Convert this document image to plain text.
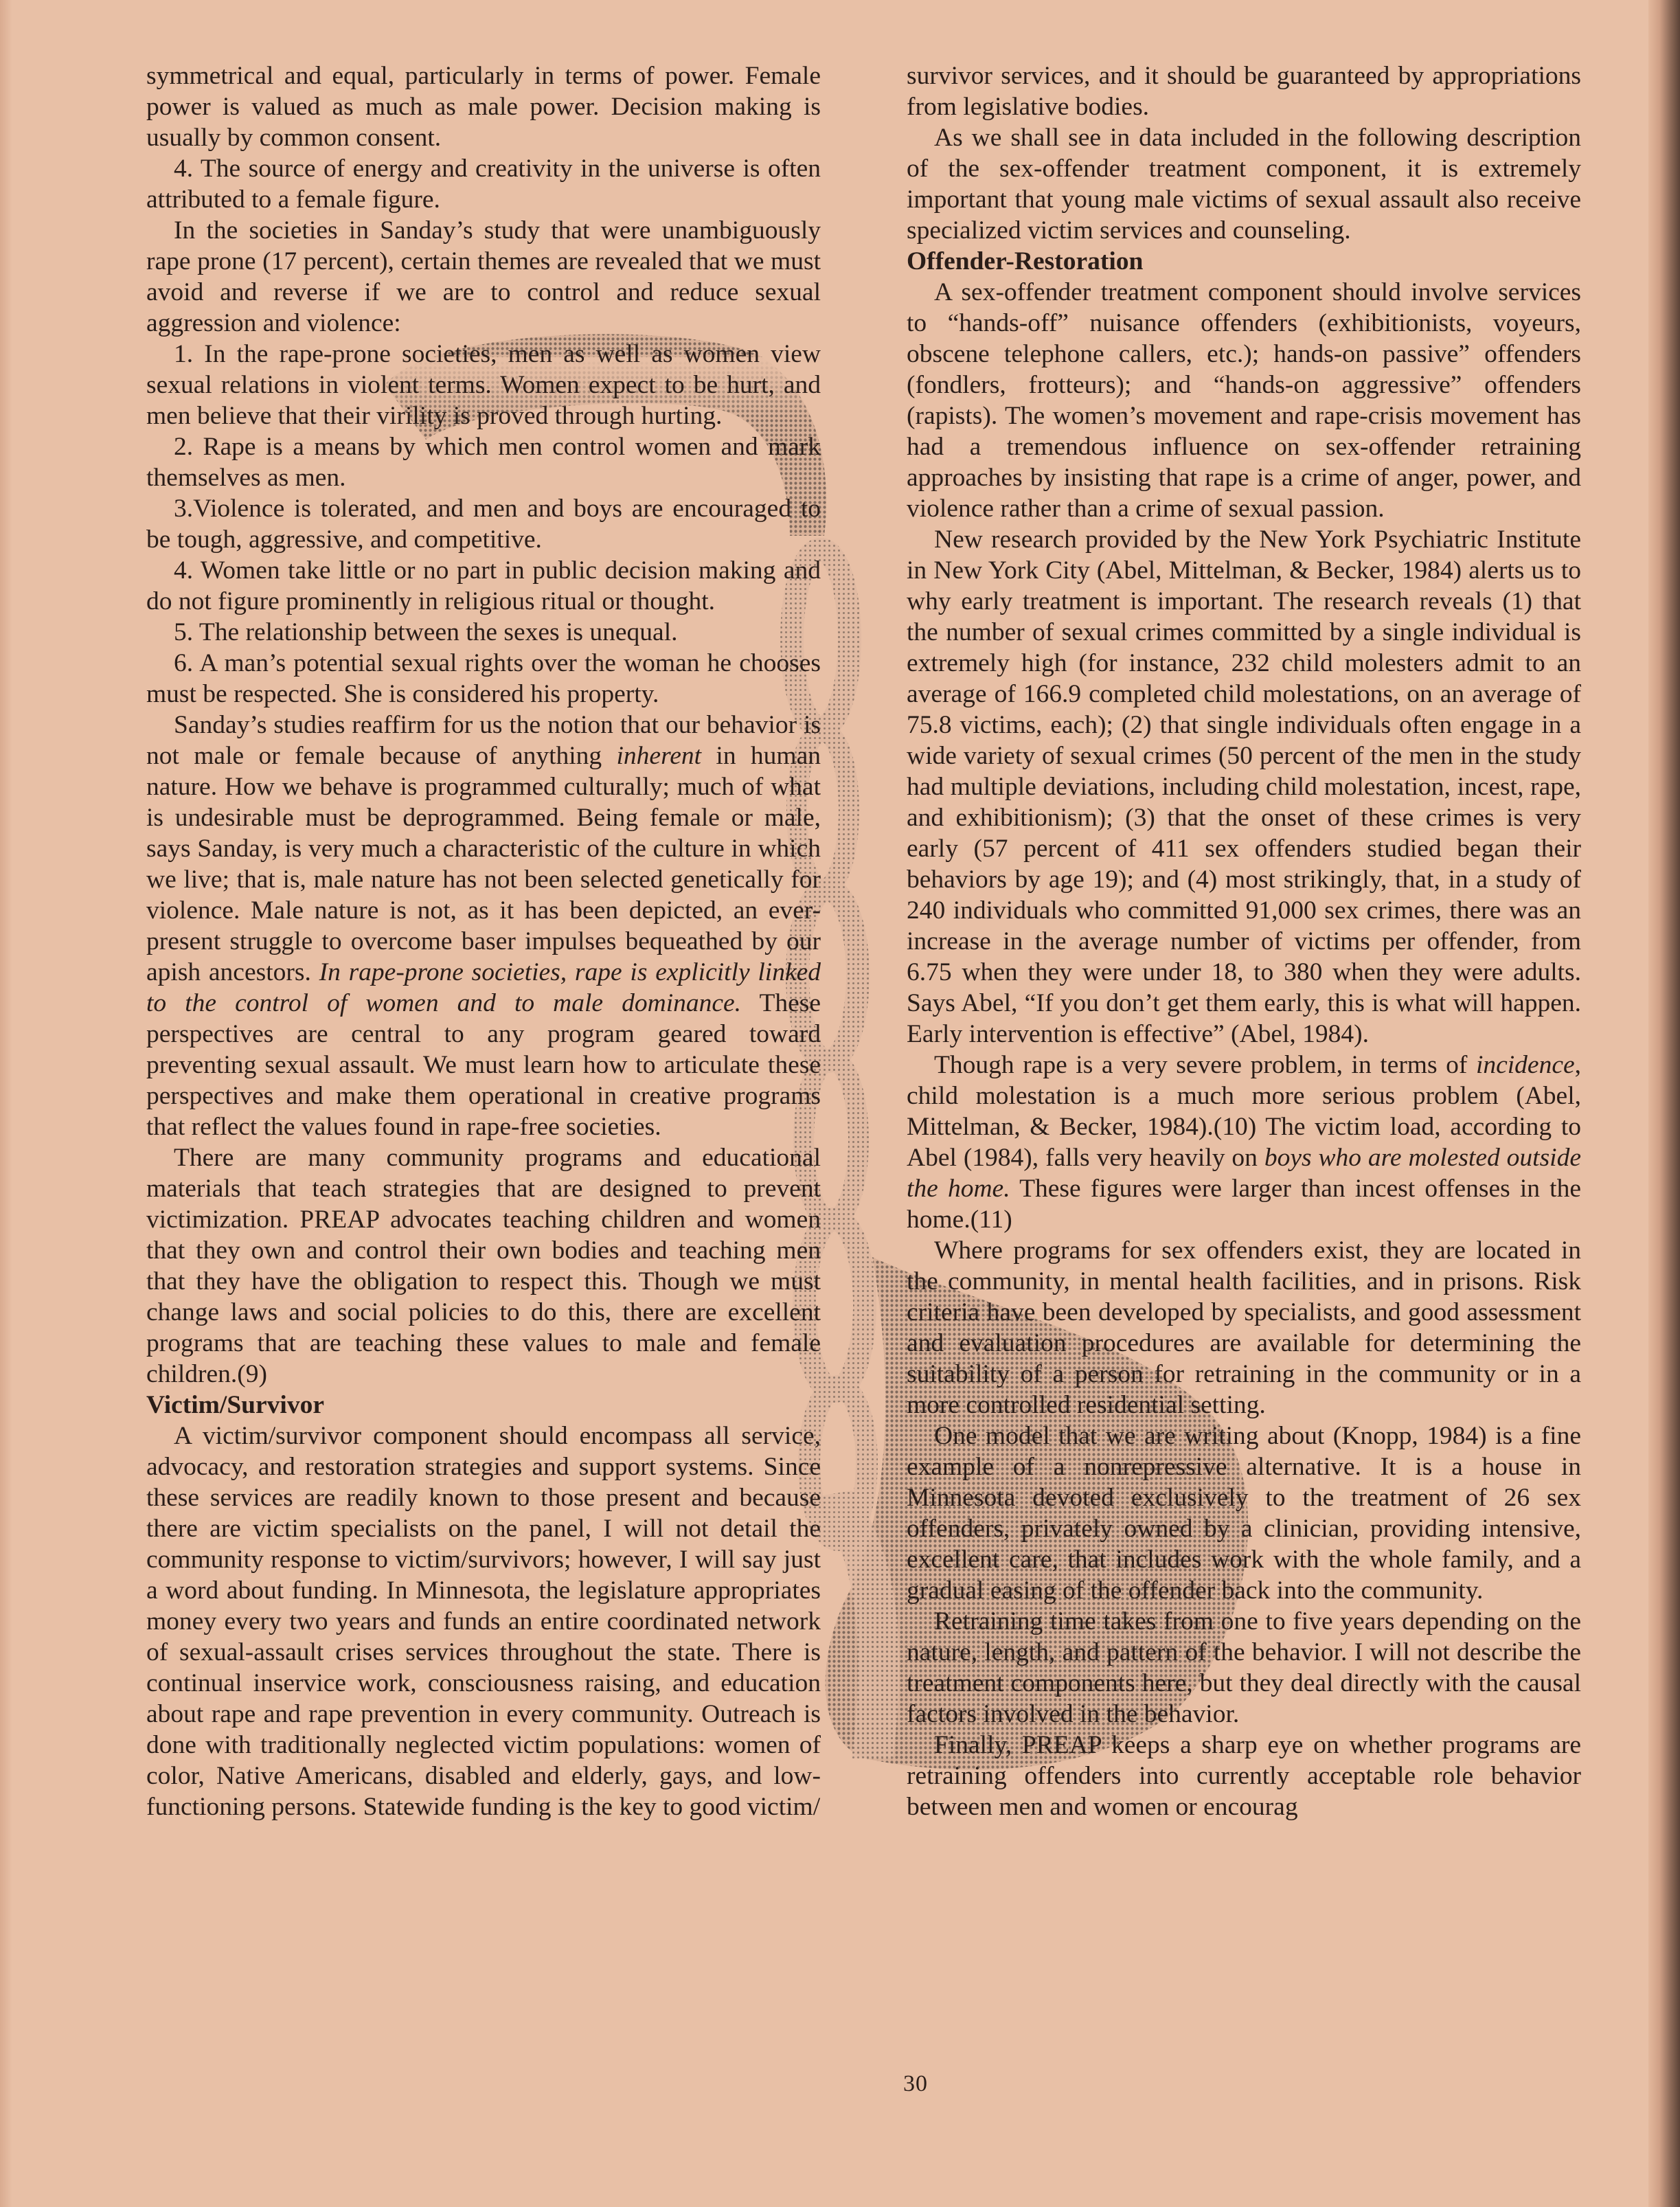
symmetrical and equal, particularly in terms of power. Female power is valued as much as male power. Decision making is usually by common consent.

4. The source of energy and creativity in the universe is often attributed to a female figure.

In the societies in Sanday’s study that were unambiguously rape prone (17 percent), certain themes are revealed that we must avoid and reverse if we are to control and reduce sexual aggression and violence:

1. In the rape-prone societies, men as well as women view sexual relations in violent terms. Women expect to be hurt, and men believe that their virility is proved through hurting.

2. Rape is a means by which men control women and mark themselves as men.

3.Violence is tolerated, and men and boys are encouraged to be tough, aggressive, and competitive.

4. Women take little or no part in public decision making and do not figure prominently in religious ritual or thought.

5. The relationship between the sexes is unequal.

6. A man’s potential sexual rights over the woman he chooses must be respected. She is considered his property.

Sanday’s studies reaffirm for us the notion that our behavior is not male or female because of anything inherent in human nature. How we behave is programmed culturally; much of what is undesirable must be deprogrammed. Being female or male, says Sanday, is very much a characteristic of the culture in which we live; that is, male nature has not been selected genetically for violence. Male nature is not, as it has been depicted, an ever-present struggle to overcome baser impulses bequeathed by our apish ancestors. In rape-prone societies, rape is explicitly linked to the control of women and to male dominance. These perspectives are central to any program geared toward preventing sexual assault. We must learn how to articulate these perspectives and make them operational in creative programs that reflect the values found in rape-free societies.

There are many community programs and educational materials that teach strategies that are designed to prevent victimization. PREAP advocates teaching children and women that they own and control their own bodies and teaching men that they have the obligation to respect this. Though we must change laws and social policies to do this, there are excellent programs that are teaching these values to male and female children.(9)

Victim/Survivor

A victim/survivor component should encompass all service, advocacy, and restoration strategies and support systems. Since these services are readily known to those present and because there are victim specialists on the panel, I will not detail the community response to victim/survivors; however, I will say just a word about funding. In Minnesota, the legislature appropriates money every two years and funds an entire coordinated network of sexual-assault crises services throughout the state. There is continual inservice work, consciousness raising, and education about rape and rape prevention in every community. Outreach is done with traditionally neglected victim populations: women of color, Native Americans, disabled and elderly, gays, and low-functioning persons. Statewide funding is the key to good victim/

survivor services, and it should be guaranteed by appropriations from legislative bodies.

As we shall see in data included in the following description of the sex-offender treatment component, it is extremely important that young male victims of sexual assault also receive specialized victim services and counseling.

Offender-Restoration

A sex-offender treatment component should involve services to “hands-off” nuisance offenders (exhibitionists, voyeurs, obscene telephone callers, etc.); hands-on passive” offenders (fondlers, frotteurs); and “hands-on aggressive” offenders (rapists). The women’s movement and rape-crisis movement has had a tremendous influence on sex-offender retraining approaches by insisting that rape is a crime of anger, power, and violence rather than a crime of sexual passion.

New research provided by the New York Psychiatric Institute in New York City (Abel, Mittelman, & Becker, 1984) alerts us to why early treatment is important. The research reveals (1) that the number of sexual crimes committed by a single individual is extremely high (for instance, 232 child molesters admit to an average of 166.9 completed child molestations, on an average of 75.8 victims, each); (2) that single individuals often engage in a wide variety of sexual crimes (50 percent of the men in the study had multiple deviations, including child molestation, incest, rape, and exhibitionism); (3) that the onset of these crimes is very early (57 percent of 411 sex offenders studied began their behaviors by age 19); and (4) most strikingly, that, in a study of 240 individuals who committed 91,000 sex crimes, there was an increase in the average number of victims per offender, from 6.75 when they were under 18, to 380 when they were adults. Says Abel, “If you don’t get them early, this is what will happen. Early intervention is effective” (Abel, 1984).

Though rape is a very severe problem, in terms of incidence, child molestation is a much more serious problem (Abel, Mittelman, & Becker, 1984).(10) The victim load, according to Abel (1984), falls very heavily on boys who are molested outside the home. These figures were larger than incest offenses in the home.(11)

Where programs for sex offenders exist, they are located in the community, in mental health facilities, and in prisons. Risk criteria have been developed by specialists, and good assessment and evaluation procedures are available for determining the suitability of a person for retraining in the community or in a more controlled residential setting.

One model that we are writing about (Knopp, 1984) is a fine example of a nonrepressive alternative. It is a house in Minnesota devoted exclusively to the treatment of 26 sex offenders, privately owned by a clinician, providing intensive, excellent care, that includes work with the whole family, and a gradual easing of the offender back into the community.

Retraining time takes from one to five years depending on the nature, length, and pattern of the behavior. I will not describe the treatment components here, but they deal directly with the causal factors involved in the behavior.

Finally, PREAP keeps a sharp eye on whether programs are retraining offenders into currently acceptable role behavior between men and women or encourag

30
